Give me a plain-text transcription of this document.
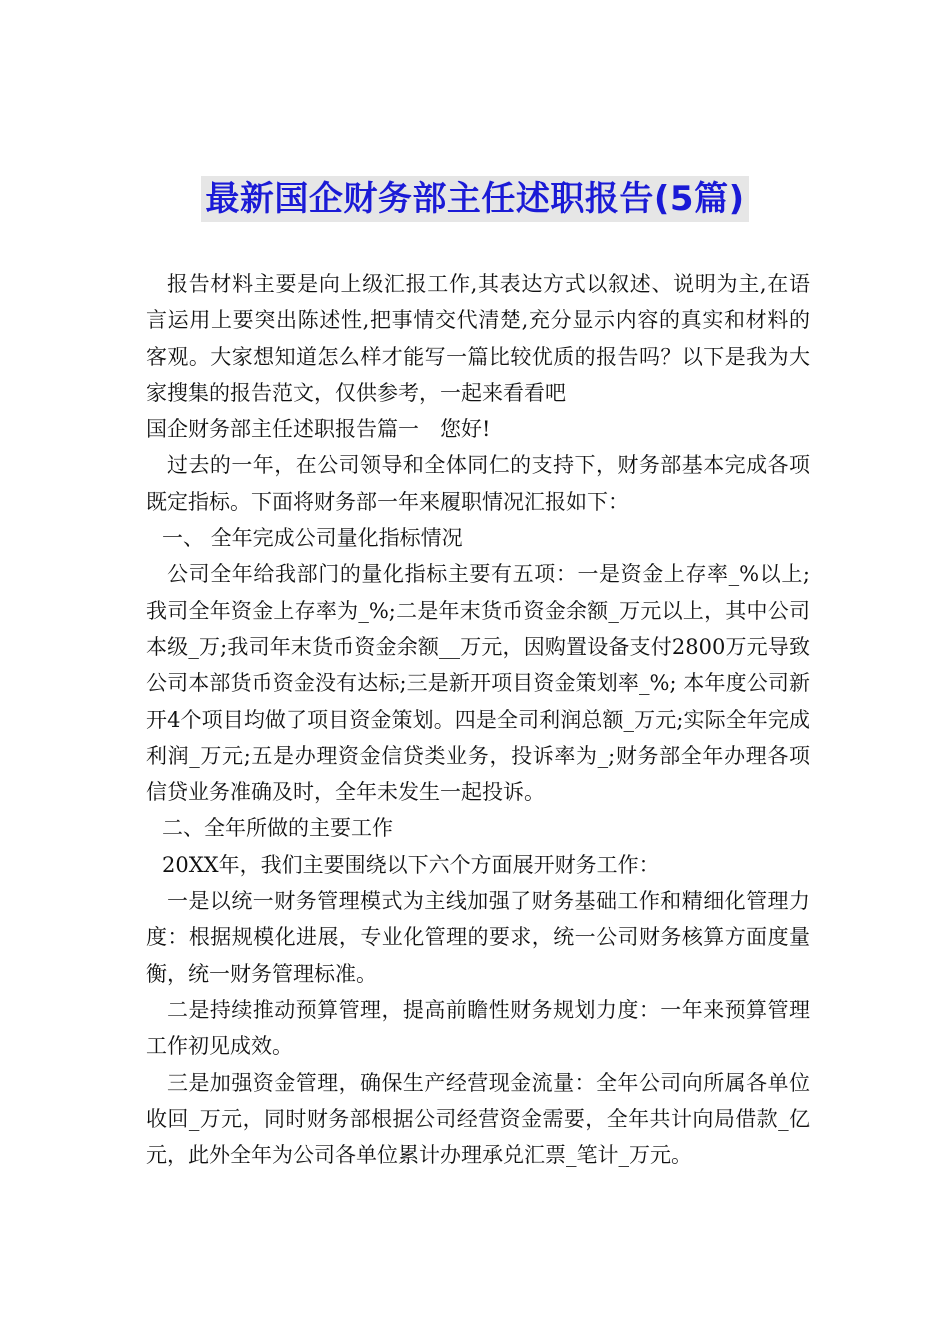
最新国企财务部主任述职报告(5篇)

报告材料主要是向上级汇报工作,其表达方式以叙述、说明为主,在语言运用上要突出陈述性,把事情交代清楚,充分显示内容的真实和材料的客观。大家想知道怎么样才能写一篇比较优质的报告吗？以下是我为大家搜集的报告范文，仅供参考，一起来看看吧

国企财务部主任述职报告篇一　您好!

过去的一年，在公司领导和全体同仁的支持下，财务部基本完成各项既定指标。下面将财务部一年来履职情况汇报如下：

一、 全年完成公司量化指标情况

公司全年给我部门的量化指标主要有五项：一是资金上存率_%以上;我司全年资金上存率为_%;二是年末货币资金余额_万元以上，其中公司本级_万;我司年末货币资金余额__万元，因购置设备支付2800万元导致公司本部货币资金没有达标;三是新开项目资金策划率_%; 本年度公司新开4个项目均做了项目资金策划。四是全司利润总额_万元;实际全年完成利润_万元;五是办理资金信贷类业务，投诉率为_;财务部全年办理各项信贷业务准确及时，全年未发生一起投诉。

二、全年所做的主要工作

20XX年，我们主要围绕以下六个方面展开财务工作：

一是以统一财务管理模式为主线加强了财务基础工作和精细化管理力度：根据规模化进展，专业化管理的要求，统一公司财务核算方面度量衡，统一财务管理标准。

二是持续推动预算管理，提高前瞻性财务规划力度：一年来预算管理工作初见成效。

三是加强资金管理，确保生产经营现金流量：全年公司向所属各单位收回_万元，同时财务部根据公司经营资金需要，全年共计向局借款_亿元，此外全年为公司各单位累计办理承兑汇票_笔计_万元。
